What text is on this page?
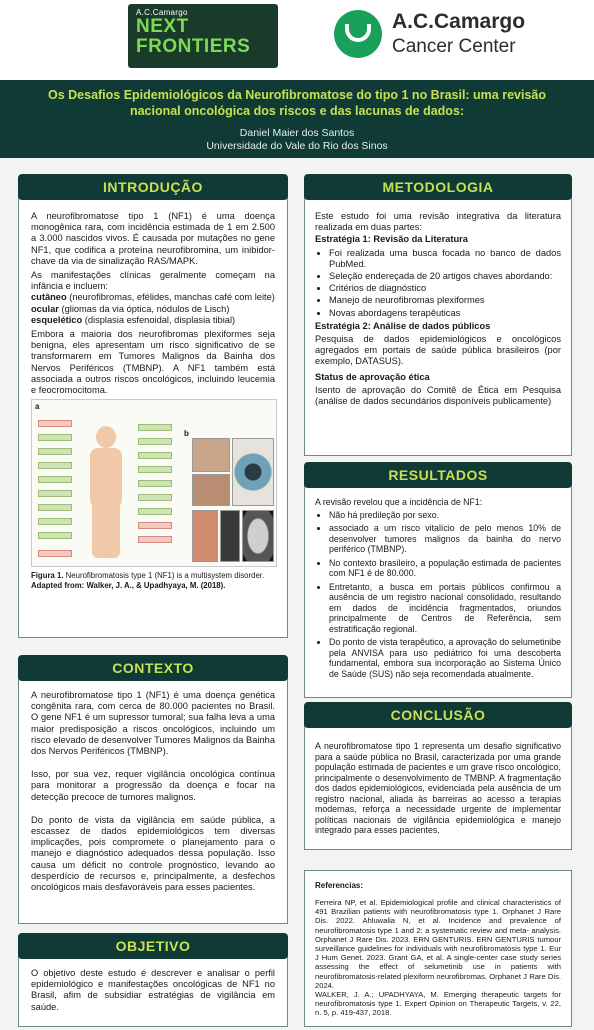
A.C.Camargo
NEXT
FRONTIERS
A.C.Camargo
Cancer Center
Os Desafios Epidemiológicos da Neurofibromatose do tipo 1 no Brasil: uma revisão nacional oncológica dos riscos e das lacunas de dados:
Daniel Maier dos Santos
Universidade do Vale do Rio dos Sinos

A neurofibromatose tipo 1 (NF1) é uma doença monogênica rara, com incidência estimada de 1 em 2.500 a 3.000 nascidos vivos. É causada por mutações no gene NF1, que codifica a proteína neurofibromina, um inibidor-chave da via de sinalização RAS/MAPK.

As manifestações clínicas geralmente começam na infância e incluem:

cutâneo (neurofibromas, efélides, manchas café com leite)
ocular (gliomas da via óptica, nódulos de Lisch)
esquelético (displasia esfenoidal, displasia tibial)

Embora a maioria dos neurofibromas plexiformes seja benigna, eles apresentam um risco significativo de se transformarem em Tumores Malignos da Bainha dos Nervos Periféricos (TMBNP). A NF1 também está associada a outros riscos oncológicos, incluindo leucemia e feocromocitoma.

a
b
Figura 1. Neurofibromatosis type 1 (NF1) is a multisystem disorder.
Adapted from: Walker, J. A., & Upadhyaya, M. (2018).
INTRODUÇÃO

A neurofibromatose tipo 1 (NF1) é uma doença genética congênita rara, com cerca de 80.000 pacientes no Brasil. O gene NF1 é um supressor tumoral; sua falha leva a uma maior predisposição a riscos oncológicos, incluindo um risco elevado de desenvolver Tumores Malignos da Bainha dos Nervos Periféricos (TMBNP).

Isso, por sua vez, requer vigilância oncológica contínua para monitorar a progressão da doença e focar na detecção precoce de tumores malignos.

Do ponto de vista da vigilância em saúde pública, a escassez de dados epidemiológicos tem diversas implicações, pois compromete o planejamento para o manejo e diagnóstico adequados dessa população. Isso causa um déficit no controle prognóstico, levando ao desperdício de recursos e, principalmente, a desfechos oncológicos mais desfavoráveis para esses pacientes.

CONTEXTO

O objetivo deste estudo é descrever e analisar o perfil epidemiológico e manifestações oncológicas de NF1 no Brasil, afim de subsidiar estratégias de vigilância em saúde.

OBJETIVO

Este estudo foi uma revisão integrativa da literatura realizada em duas partes:

Estratégia 1: Revisão da Literatura
• Foi realizada uma busca focada no banco de dados PubMed.
• Seleção endereçada de 20 artigos chaves abordando:
• Critérios de diagnóstico
• Manejo de neurofibromas plexiformes
• Novas abordagens terapêuticas
Estratégia 2: Análise de dados públicos

Pesquisa de dados epidemiológicos e oncológicos agregados em portais de saúde pública brasileiros (por exemplo, DATASUS).

Status de aprovação ética

Isento de aprovação do Comitê de Ética em Pesquisa (análise de dados secundários disponíveis publicamente)

METODOLOGIA

A revisão revelou que a incidência de NF1:

• Não há predileção por sexo.
• associado a um risco vitalício de pelo menos 10% de desenvolver tumores malignos da bainha do nervo periférico (TMBNP).
• No contexto brasileiro, a população estimada de pacientes com NF1 é de 80.000.
• Entretanto, a busca em portais públicos confirmou a ausência de um registro nacional consolidado, resultando em dados de incidência fragmentados, oriundos principalmente de Centros de Referência, sem estratificação regional.
• Do ponto de vista terapêutico, a aprovação do selumetinibe pela ANVISA para uso pediátrico foi uma descoberta fundamental, embora sua incorporação ao Sistema Único de Saúde (SUS) não seja recomendada atualmente.
RESULTADOS

A neurofibromatose tipo 1 representa um desafio significativo para a saúde pública no Brasil, caracterizada por uma grande população estimada de pacientes e um grave risco oncológico, principalmente o desenvolvimento de TMBNP. A fragmentação dos dados epidemiológicos, evidenciada pela ausência de um registro nacional, aliada às barreiras ao acesso a terapias modernas, reforça a necessidade urgente de implementar políticas nacionais de vigilância epidemiológica e manejo integrado para esses pacientes.

CONCLUSÃO
Referencias:
Ferreira NP, et al. Epidemiological profile and clinical characteristics of 491 Brazilian patients with neurofibromatosis type 1. Orphanet J Rare Dis. 2022. Ahluwalia N, et al. Incidence and prevalence of neurofibromatosis type 1 and 2: a systematic review and meta- analysis. Orphanet J Rare Dis. 2023. ERN GENTURIS. ERN GENTURIS tumour surveillance guidelines for individuals with neurofibromatosis type 1. Eur J Hum Genet. 2023. Grant GA, et al. A single-center case study series assessing the effect of selumetinib use in patients with neurofibromatosis-related plexiform neurofibromas. Orphanet J Rare Dis. 2024.
WALKER, J. A.; UPADHYAYA, M. Emerging therapeutic targets for neurofibromatosis type 1. Expert Opinion on Therapeutic Targets, v. 22, n. 5, p. 419-437, 2018.
